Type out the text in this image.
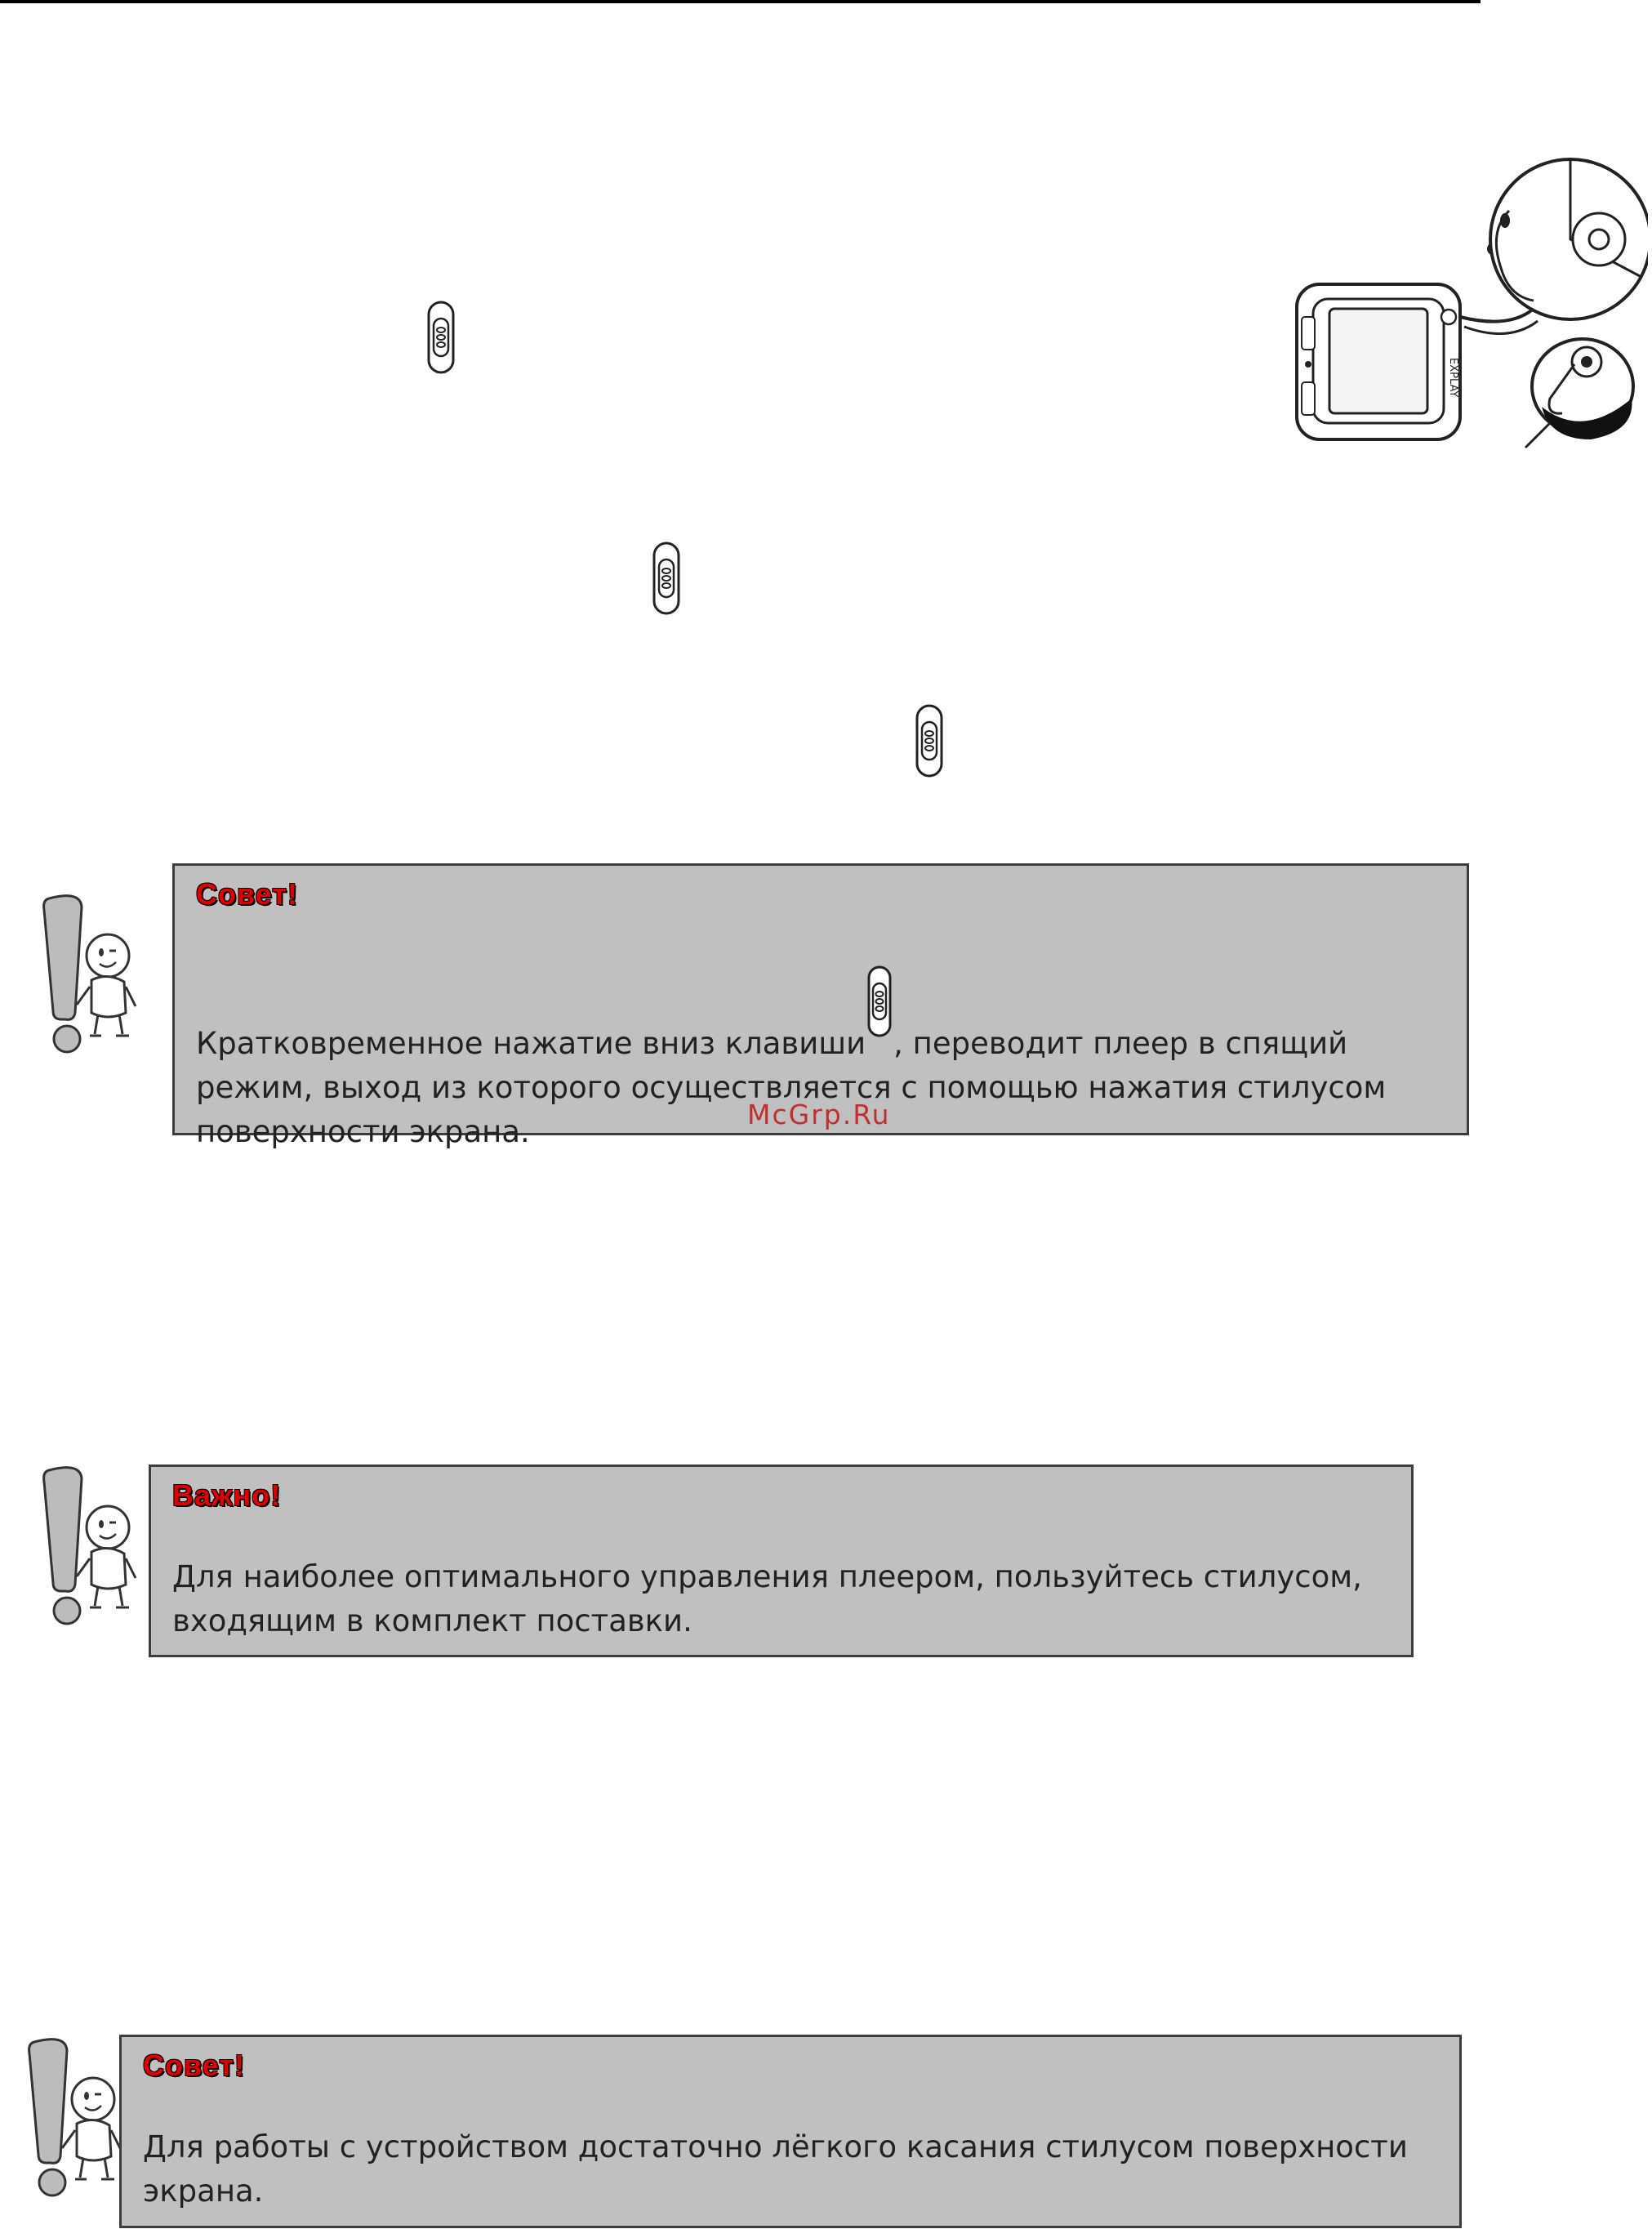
EXPLAY
Совет!
Кратковременное нажатие вниз клавиши , переводит плеер в спящий режим, выход из которого осуществляется с помощью нажатия стилусом поверхности экрана.	McGrp.Ru
Важно!
Для наиболее оптимального управления плеером, пользуйтесь стилусом, входящим в комплект поставки.
Совет!
Для работы с устройством достаточно лёгкого касания стилусом поверхности экрана.
